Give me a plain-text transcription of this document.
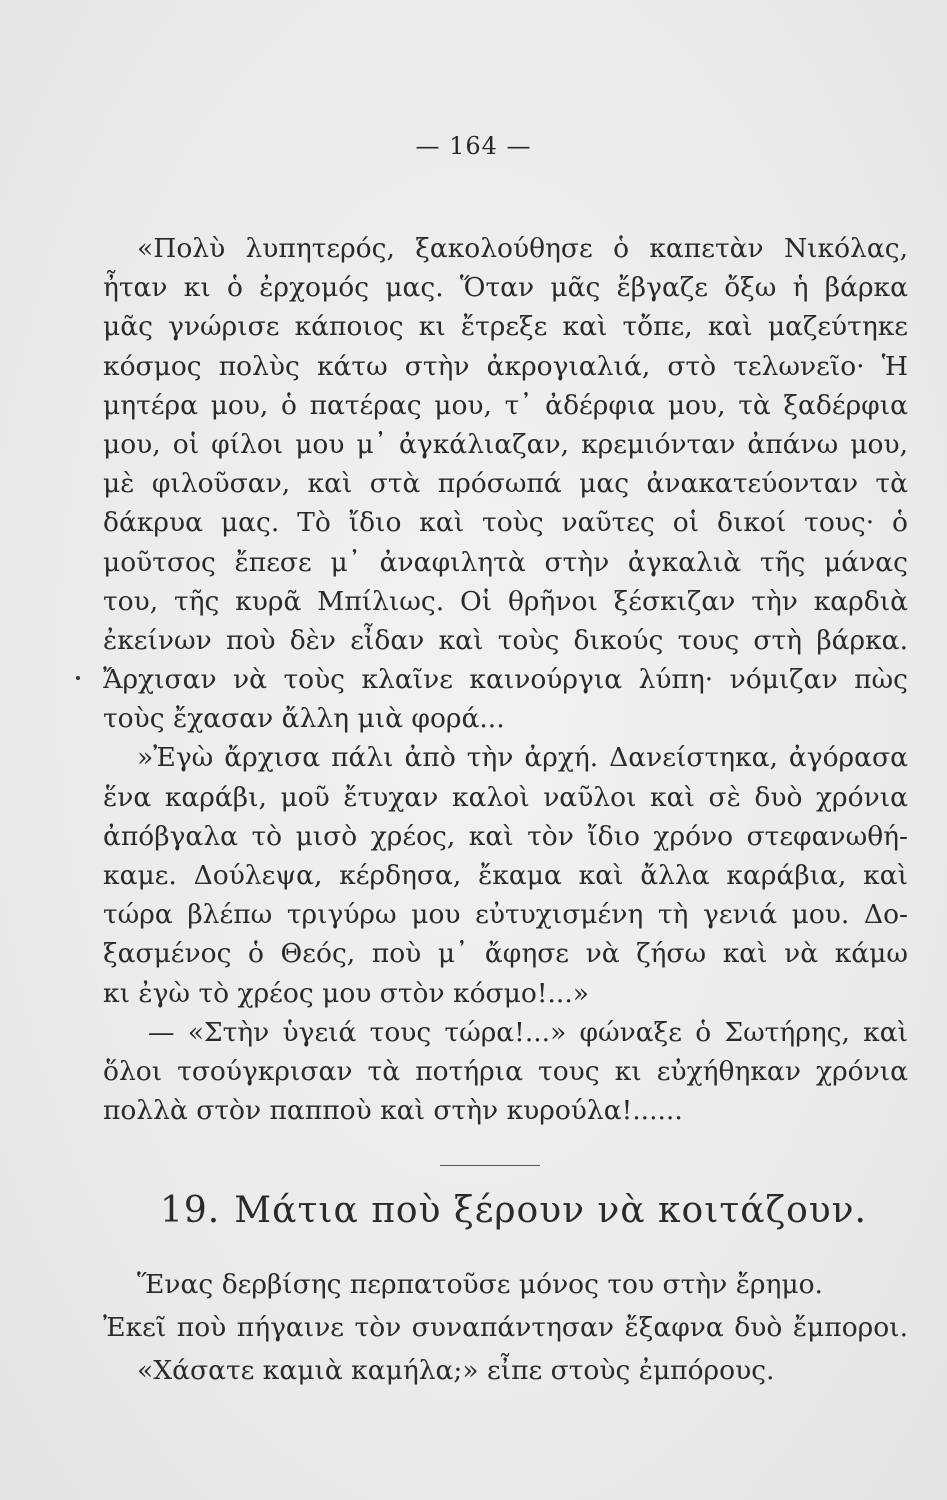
— 164 —
«Πολὺ λυπητερός, ξακολούθησε ὁ καπετὰν Νικόλας,
ἦταν κι ὁ ἐρχομός μας. Ὅταν μᾶς ἔβγαζε ὄξω ἡ βάρκα
μᾶς γνώρισε κάποιος κι ἔτρεξε καὶ τὄπε, καὶ μαζεύτηκε
κόσμος πολὺς κάτω στὴν ἀκρογιαλιά, στὸ τελωνεῖο· Ἡ
μητέρα μου, ὁ πατέρας μου, τ᾽ ἀδέρφια μου, τὰ ξαδέρφια
μου, οἱ φίλοι μου μ᾽ ἀγκάλιαζαν, κρεμιόνταν ἀπάνω μου,
μὲ φιλοῦσαν, καὶ στὰ πρόσωπά μας ἀνακατεύονταν τὰ
δάκρυα μας. Τὸ ἴδιο καὶ τοὺς ναῦτες οἱ δικοί τους· ὁ
μοῦτσος ἔπεσε μ᾽ ἀναφιλητὰ στὴν ἀγκαλιὰ τῆς μάνας
του, τῆς κυρᾶ Μπίλιως. Οἱ θρῆνοι ξέσκιζαν τὴν καρδιὰ
ἐκείνων ποὺ δὲν εἶδαν καὶ τοὺς δικούς τους στὴ βάρκα.
Ἄρχισαν νὰ τοὺς κλαῖνε καινούργια λύπη· νόμιζαν πὼς
τοὺς ἔχασαν ἄλλη μιὰ φορά...
»Ἐγὼ ἄρχισα πάλι ἀπὸ τὴν ἀρχή. Δανείστηκα, ἀγόρασα
ἕνα καράβι, μοῦ ἔτυχαν καλοὶ ναῦλοι καὶ σὲ δυὸ χρόνια
ἀπόβγαλα τὸ μισὸ χρέος, καὶ τὸν ἴδιο χρόνο στεφανωθή-
καμε. Δούλεψα, κέρδησα, ἔκαμα καὶ ἄλλα καράβια, καὶ
τώρα βλέπω τριγύρω μου εὐτυχισμένη τὴ γενιά μου. Δο-
ξασμένος ὁ Θεός, ποὺ μ᾽ ἄφησε νὰ ζήσω καὶ νὰ κάμω
κι ἐγὼ τὸ χρέος μου στὸν κόσμο!...»
— «Στὴν ὑγειά τους τώρα!...» φώναξε ὁ Σωτήρης, καὶ
ὅλοι τσούγκρισαν τὰ ποτήρια τους κι εὐχήθηκαν χρόνια
πολλὰ στὸν παπποὺ καὶ στὴν κυρούλα!......
19. Μάτια ποὺ ξέρουν νὰ κοιτάζουν.
Ἕνας δερβίσης περπατοῦσε μόνος του στὴν ἔρημο.
Ἐκεῖ ποὺ πήγαινε τὸν συναπάντησαν ἔξαφνα δυὸ ἔμποροι.
«Χάσατε καμιὰ καμήλα;» εἶπε στοὺς ἐμπόρους.
